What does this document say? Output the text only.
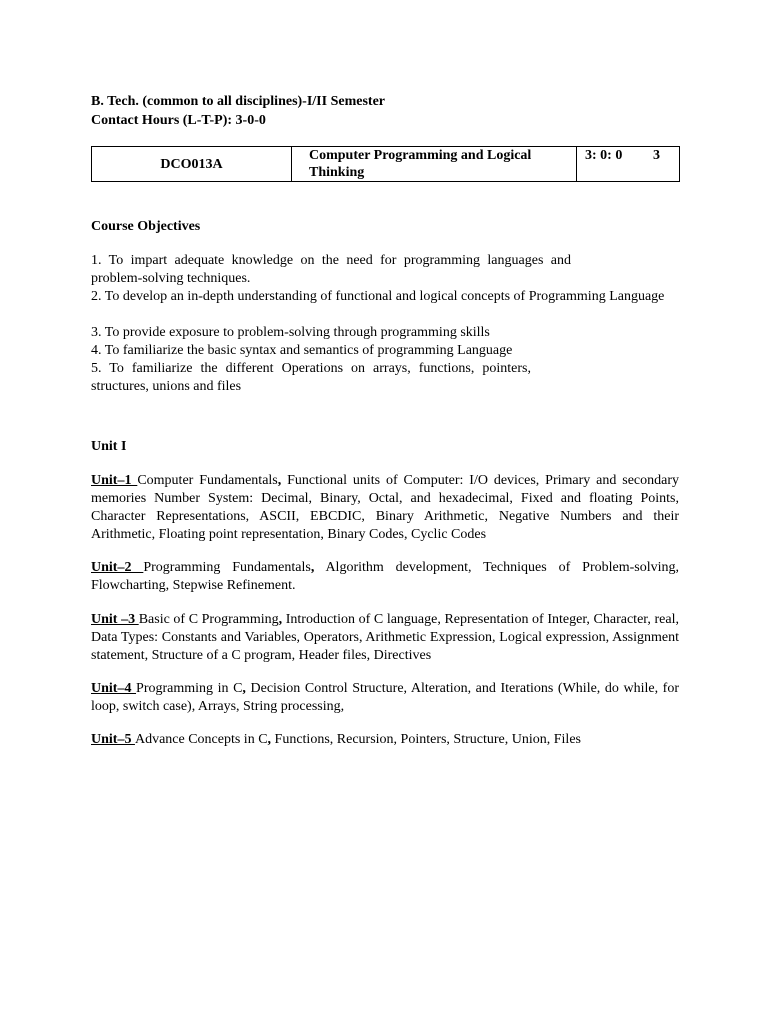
B. Tech. (common to all disciplines)-I/II Semester
Contact Hours (L-T-P): 3-0-0
DCO013A	Computer Programming and Logical Thinking	3: 0: 0 3
Course Objectives
1. To impart adequate knowledge on the need for programming languages and problem-solving techniques.
2. To develop an in-depth understanding of functional and logical concepts of Programming Language
3. To provide exposure to problem-solving through programming skills
4. To familiarize the basic syntax and semantics of programming Language
5. To familiarize the different Operations on arrays, functions, pointers, structures, unions and files
Unit I
Unit–1 Computer Fundamentals, Functional units of Computer: I/O devices, Primary and secondary memories Number System: Decimal, Binary, Octal, and hexadecimal, Fixed and floating Points, Character Representations, ASCII, EBCDIC, Binary Arithmetic, Negative Numbers and their Arithmetic, Floating point representation, Binary Codes, Cyclic Codes
Unit–2 Programming Fundamentals, Algorithm development, Techniques of Problem-solving, Flowcharting, Stepwise Refinement.
Unit –3 Basic of C Programming, Introduction of C language, Representation of Integer, Character, real, Data Types: Constants and Variables, Operators, Arithmetic Expression, Logical expression, Assignment statement, Structure of a C program, Header files, Directives
Unit–4 Programming in C, Decision Control Structure, Alteration, and Iterations (While, do while, for loop, switch case), Arrays, String processing,
Unit–5 Advance Concepts in C, Functions, Recursion, Pointers, Structure, Union, Files
